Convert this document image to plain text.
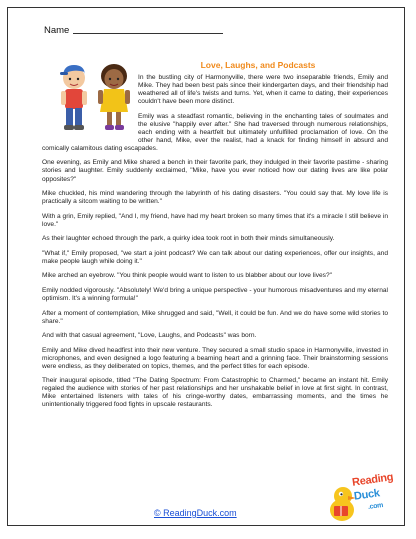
Name
Love, Laughs, and Podcasts

In the bustling city of Harmonyville, there were two inseparable friends, Emily and Mike. They had been best pals since their kindergarten days, and their friendship had weathered all of life's twists and turns. Yet, when it came to dating, their experiences couldn't have been more distinct.

Emily was a steadfast romantic, believing in the enchanting tales of soulmates and the elusive "happily ever after." She had traversed through numerous relationships, each ending with a heartfelt but ultimately unfulfilled proclamation of love. On the other hand, Mike, ever the realist, had a knack for finding himself in absurd and comically calamitous dating escapades.

One evening, as Emily and Mike shared a bench in their favorite park, they indulged in their favorite pastime - sharing stories and laughter. Emily suddenly exclaimed, "Mike, have you ever noticed how our dating lives are like polar opposites?"

Mike chuckled, his mind wandering through the labyrinth of his dating disasters. "You could say that. My love life is practically a sitcom waiting to be written."

With a grin, Emily replied, "And I, my friend, have had my heart broken so many times that it's a miracle I still believe in love."

As their laughter echoed through the park, a quirky idea took root in both their minds simultaneously.

"What if," Emily proposed, "we start a joint podcast? We can talk about our dating experiences, offer our insights, and make people laugh while doing it."

Mike arched an eyebrow. "You think people would want to listen to us blabber about our love lives?"

Emily nodded vigorously. "Absolutely! We'd bring a unique perspective - your humorous misadventures and my eternal optimism. It's a winning formula!"

After a moment of contemplation, Mike shrugged and said, "Well, it could be fun. And we do have some wild stories to share."

And with that casual agreement, "Love, Laughs, and Podcasts" was born.

Emily and Mike dived headfirst into their new venture. They secured a small studio space in Harmonyville, invested in microphones, and even designed a logo featuring a beaming heart and a grinning face. Their brainstorming sessions were endless, as they deliberated on topics, themes, and the perfect titles for each episode.

Their inaugural episode, titled "The Dating Spectrum: From Catastrophic to Charmed," became an instant hit. Emily regaled the audience with stories of her past relationships and her unshakable belief in love at first sight. In contrast, Mike entertained listeners with tales of his cringe-worthy dates, embarrassing moments, and the times he unintentionally triggered food fights in upscale restaurants.

© ReadingDuck.com
Reading
Duck
.com
